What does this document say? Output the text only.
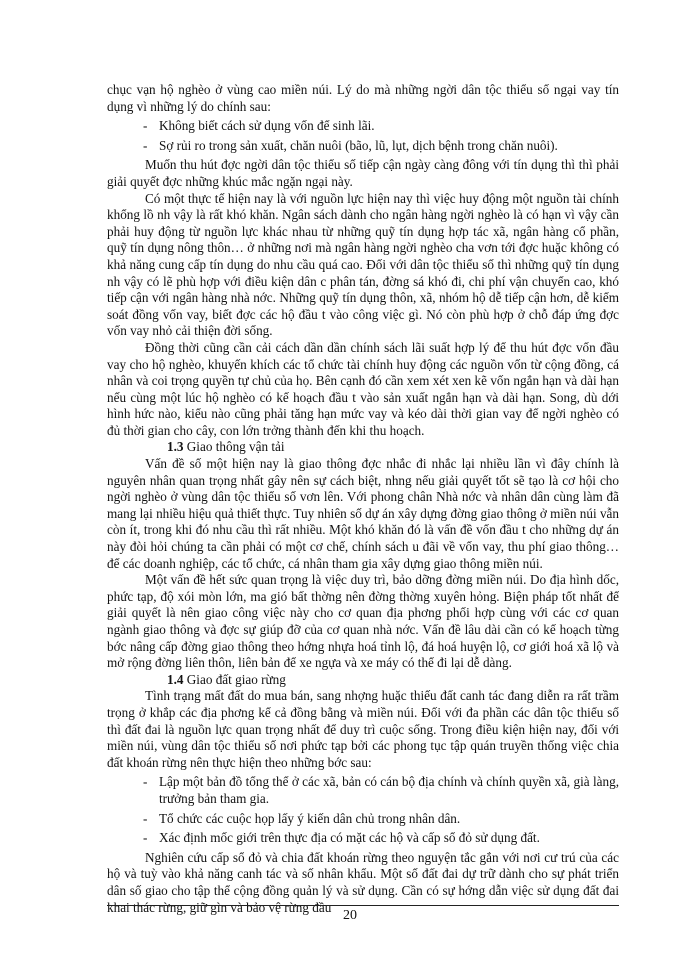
chục vạn hộ nghèo ở vùng cao miền núi. Lý do mà những ngời dân tộc thiểu số ngại vay tín dụng vì những lý do chính sau:

- Không biết cách sử dụng vốn để sinh lãi.
- Sợ rủi ro trong sản xuất, chăn nuôi (bão, lũ, lụt, dịch bệnh trong chăn nuôi).

Muốn thu hút đợc ngời dân tộc thiểu số tiếp cận ngày càng đông với tín dụng thì thì phải giải quyết đợc những khúc mắc ngặn ngại này.

Có một thực tế hiện nay là với nguồn lực hiện nay thì việc huy động một nguồn tài chính khổng lồ nh vậy là rất khó khăn. Ngân sách dành cho ngân hàng ngời nghèo là có hạn vì vậy cần phải huy động từ nguồn lực khác nhau từ những quỹ tín dụng hợp tác xã, ngân hàng cổ phần, quỹ tín dụng nông thôn… ở những nơi mà ngân hàng ngời nghèo cha vơn tới đợc huặc không có khả năng cung cấp tín dụng do nhu cầu quá cao. Đối với dân tộc thiểu số thì những quỹ tín dụng nh vậy có lẽ phù hợp với điều kiện dân c phân tán, đờng sá khó đi, chi phí vận chuyển cao, khó tiếp cận với ngân hàng nhà nớc. Những quỹ tín dụng thôn, xã, nhóm hộ dễ tiếp cận hơn, dễ kiểm soát đồng vốn vay, biết đợc các hộ đầu t vào công việc gì. Nó còn phù hợp ở chỗ đáp ứng đợc vốn vay nhỏ cải thiện đời sống.

Đồng thời cũng cần cải cách dần dần chính sách lãi suất hợp lý để thu hút đợc vốn đầu vay cho hộ nghèo, khuyến khích các tổ chức tài chính huy động các nguồn vốn từ cộng đồng, cá nhân và coi trọng quyền tự chủ của họ. Bên cạnh đó cần xem xét xen kẽ vốn ngắn hạn và dài hạn nếu cùng một lúc hộ nghèo có kế hoạch đầu t vào sản xuất ngắn hạn và dài hạn. Song, dù dới hình hức nào, kiểu nào cũng phải tăng hạn mức vay và kéo dài thời gian vay để ngời nghèo có đủ thời gian cho cây, con lớn trởng thành đến khi thu hoạch.

1.3 Giao thông vận tải

Vấn đề số một hiện nay là giao thông đợc nhắc đi nhắc lại nhiều lần vì đây chính là nguyên nhân quan trọng nhất gây nên sự cách biệt, nhng nếu giải quyết tốt sẽ tạo là cơ hội cho ngời nghèo ở vùng dân tộc thiểu số vơn lên. Với phong chân Nhà nớc và nhân dân cùng làm đã mang lại nhiều hiệu quả thiết thực. Tuy nhiên số dự án xây dựng đờng giao thông ở miền núi vẫn còn ít, trong khi đó nhu cầu thì rất nhiều. Một khó khăn đó là vấn đề vốn đầu t cho những dự án này đòi hỏi chúng ta cần phải có một cơ chế, chính sách u đãi về vốn vay, thu phí giao thông… để các doanh nghiệp, các tổ chức, cá nhân tham gia xây dựng giao thông miền núi.

Một vấn đề hết sức quan trọng là việc duy trì, bảo dỡng đờng miền núi. Do địa hình dốc, phức tạp, độ xói mòn lớn, ma gió bất thờng nên đờng thờng xuyên hỏng. Biện pháp tốt nhất để giải quyết là nên giao công việc này cho cơ quan địa phơng phối hợp cùng với các cơ quan ngành giao thông và đợc sự giúp đỡ của cơ quan nhà nớc. Vấn đề lâu dài cần có kế hoạch từng bớc nâng cấp đờng giao thông theo hớng nhựa hoá tỉnh lộ, đá hoá huyện lộ, cơ giới hoá xã lộ và mở rộng đờng liên thôn, liên bản để xe ngựa và xe máy có thể đi lại dễ dàng.

1.4 Giao đất giao rừng

Tình trạng mất đất do mua bán, sang nhợng huặc thiếu đất canh tác đang diễn ra rất trầm trọng ở khắp các địa phơng kể cả đồng bằng và miền núi. Đối với đa phần các dân tộc thiểu số thì đất đai là nguồn lực quan trọng nhất để duy trì cuộc sống. Trong điều kiện hiện nay, đối với miền núi, vùng dân tộc thiểu số nơi phức tạp bởi các phong tục tập quán truyền thống việc chia đất khoán rừng nên thực hiện theo những bớc sau:

- Lập một bản đồ tổng thể ở các xã, bản có cán bộ địa chính và chính quyền xã, già làng, trưởng bản tham gia.
- Tổ chức các cuộc họp lấy ý kiến dân chủ trong nhân dân.
- Xác định mốc giới trên thực địa có mặt các hộ và cấp sổ đỏ sử dụng đất.

Nghiên cứu cấp sổ đỏ và chia đất khoán rừng theo nguyện tắc gắn với nơi cư trú của các hộ và tuỳ vào khả năng canh tác và số nhân khẩu. Một số đất đai dự trữ dành cho sự phát triển dân số giao cho tập thể cộng đồng quản lý và sử dụng. Cần có sự hớng dẫn việc sử dụng đất đai khai thác rừng, giữ gìn và bảo vệ rừng đầu

20
